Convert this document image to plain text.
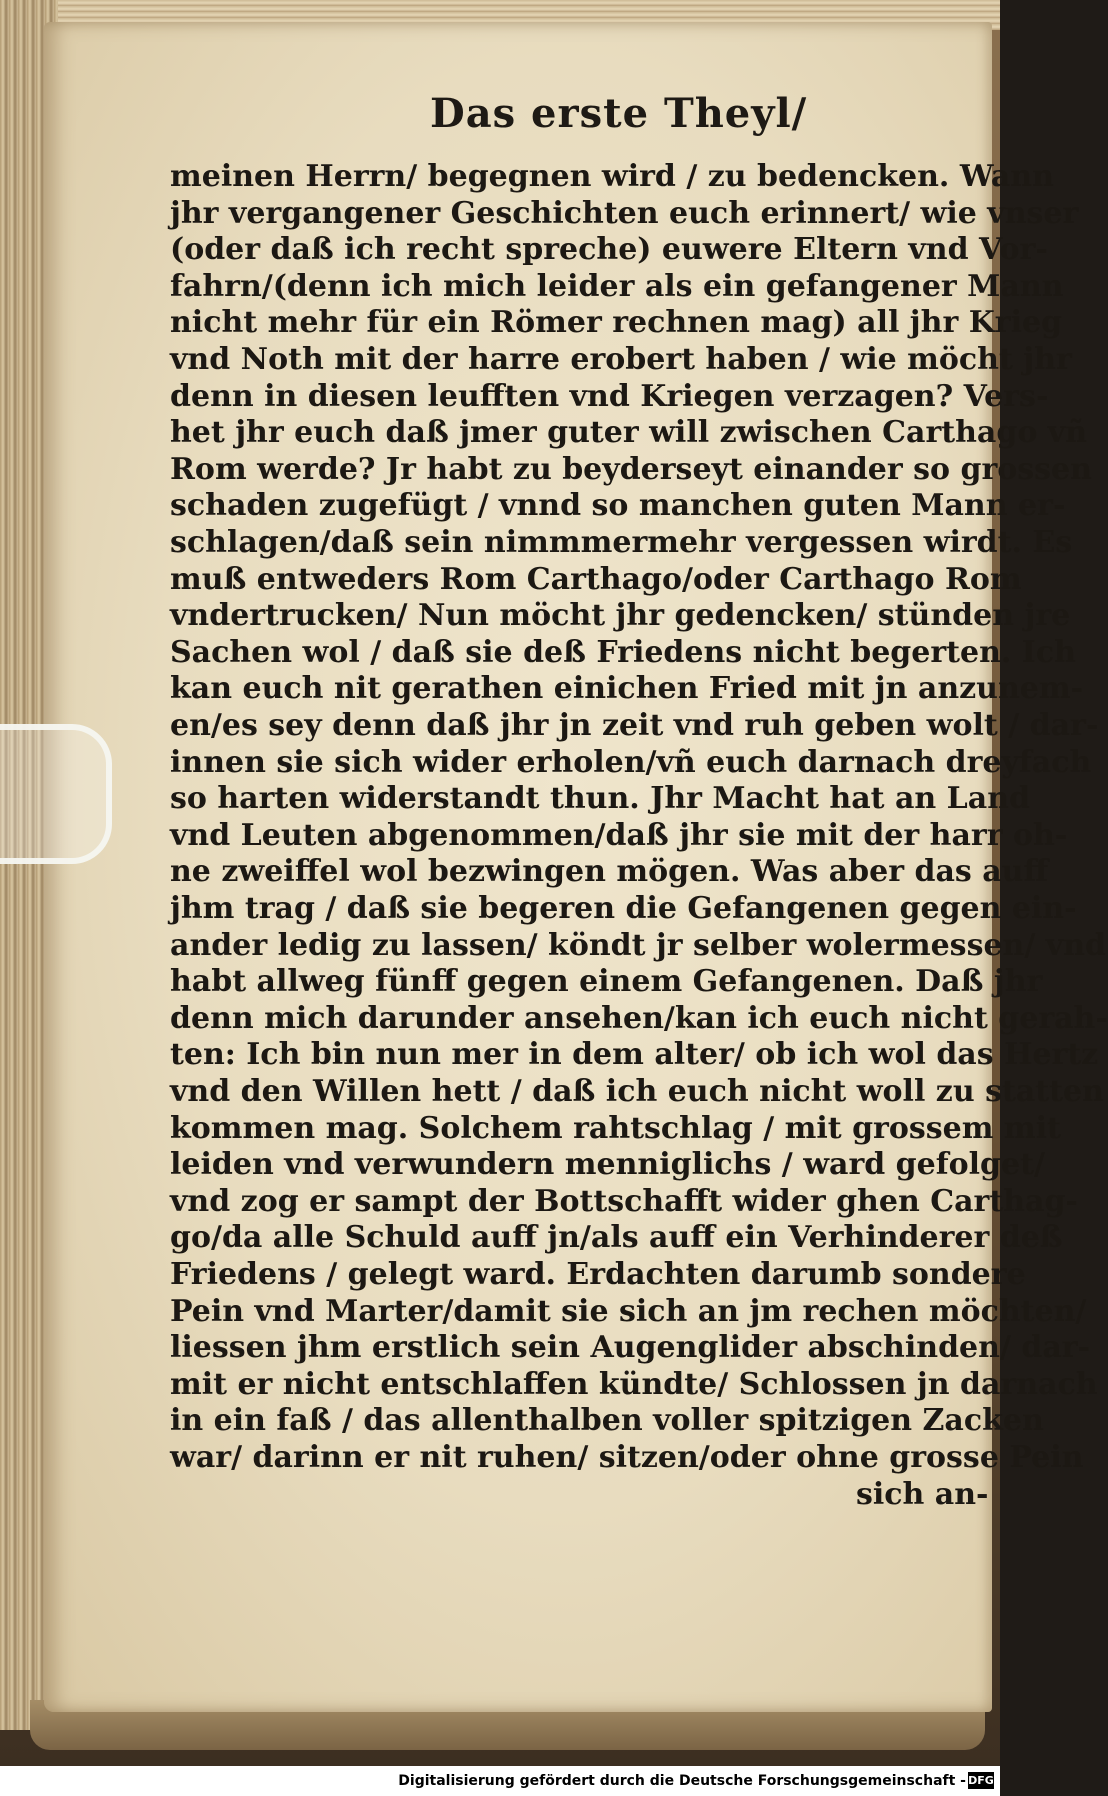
Das erste Theyl/
meinen Herrn/ begegnen wird / zu bedencken. Wann
jhr vergangener Geschichten euch erinnert/ wie vnser
(oder daß ich recht spreche) euwere Eltern vnd Vor-
fahrn/(denn ich mich leider als ein gefangener Mann
nicht mehr für ein Römer rechnen mag) all jhr Krieg
vnd Noth mit der harre erobert haben / wie möcht jhr
denn in diesen leufften vnd Kriegen verzagen? Vers-
het jhr euch daß jmer guter will zwischen Carthago vñ
Rom werde? Jr habt zu beyderseyt einander so grossen
schaden zugefügt / vnnd so manchen guten Mann er-
schlagen/daß sein nimmmermehr vergessen wirdt. Es
muß entweders Rom Carthago/oder Carthago Rom
vndertrucken/ Nun möcht jhr gedencken/ stünden jre
Sachen wol / daß sie deß Friedens nicht begerten. Ich
kan euch nit gerathen einichen Fried mit jn anzunem-
en/es sey denn daß jhr jn zeit vnd ruh geben wolt / dar-
innen sie sich wider erholen/vñ euch darnach dreyfach
so harten widerstandt thun. Jhr Macht hat an Land
vnd Leuten abgenommen/daß jhr sie mit der harr oh-
ne zweiffel wol bezwingen mögen. Was aber das auff
jhm trag / daß sie begeren die Gefangenen gegen ein-
ander ledig zu lassen/ köndt jr selber wolermessen/ vnd
habt allweg fünff gegen einem Gefangenen. Daß jhr
denn mich darunder ansehen/kan ich euch nicht gerah-
ten: Ich bin nun mer in dem alter/ ob ich wol das Hertz
vnd den Willen hett / daß ich euch nicht woll zu statten
kommen mag. Solchem rahtschlag / mit grossem mit
leiden vnd verwundern menniglichs / ward gefolget/
vnd zog er sampt der Bottschafft wider ghen Carthag-
go/da alle Schuld auff jn/als auff ein Verhinderer deß
Friedens / gelegt ward. Erdachten darumb sondere
Pein vnd Marter/damit sie sich an jm rechen möchten/
liessen jhm erstlich sein Augenglider abschinden/ dar-
mit er nicht entschlaffen kündte/ Schlossen jn darnach
in ein faß / das allenthalben voller spitzigen Zacken
war/ darinn er nit ruhen/ sitzen/oder ohne grosse Pein
sich an-
Digitalisierung gefördert durch die Deutsche Forschungsgemeinschaft - DFG
